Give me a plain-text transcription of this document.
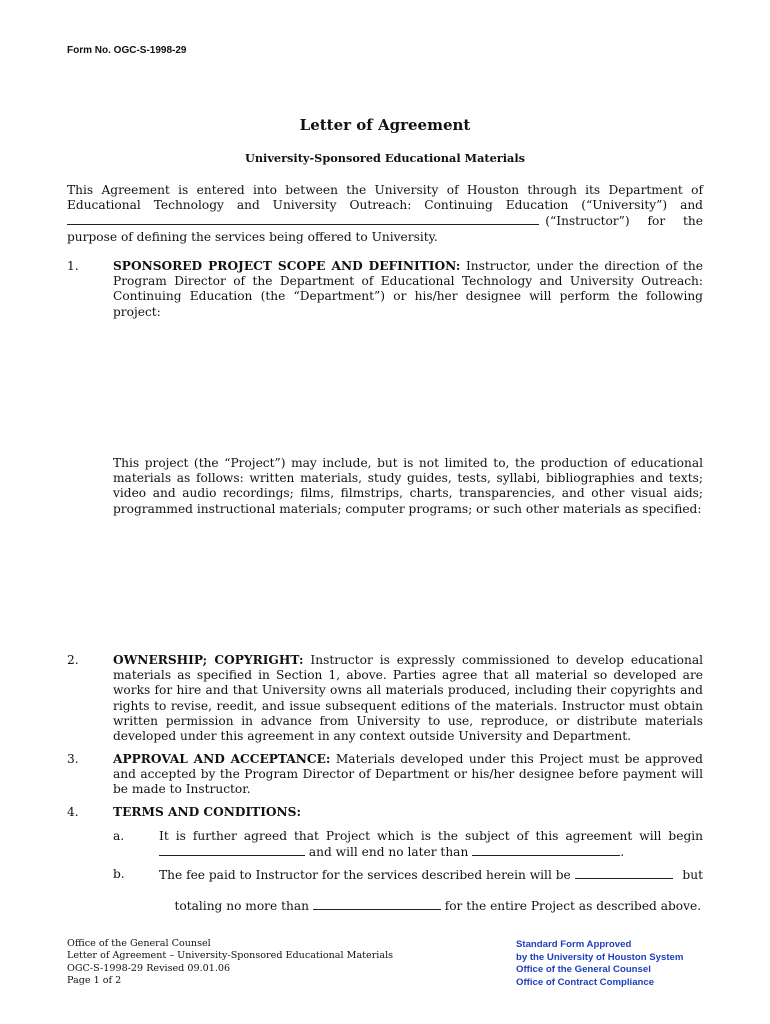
Form No. OGC-S-1998-29
Letter of Agreement
University-Sponsored Educational Materials
This Agreement is entered into between the University of Houston through its Department of
Educational Technology and University Outreach: Continuing Education (“University”) and
(“Instructor”) for the
purpose of defining the services being offered to University.
1.	SPONSORED PROJECT SCOPE AND DEFINITION: Instructor, under the direction of the Program Director of the Department of Educational Technology and University Outreach: Continuing Education (the “Department”) or his/her designee will perform the following project:
This project (the “Project”) may include, but is not limited to, the production of educational materials as follows: written materials, study guides, tests, syllabi, bibliographies and texts; video and audio recordings; films, filmstrips, charts, transparencies, and other visual aids; programmed instructional materials; computer programs; or such other materials as specified:
2.	OWNERSHIP; COPYRIGHT: Instructor is expressly commissioned to develop educational materials as specified in Section 1, above. Parties agree that all material so developed are works for hire and that University owns all materials produced, including their copyrights and rights to revise, reedit, and issue subsequent editions of the materials. Instructor must obtain written permission in advance from University to use, reproduce, or distribute materials developed under this agreement in any context outside University and Department.
3.	APPROVAL AND ACCEPTANCE: Materials developed under this Project must be approved and accepted by the Program Director of Department or his/her designee before payment will be made to Instructor.
4.	TERMS AND CONDITIONS:
a.	It is further agreed that Project which is the subject of this agreement will begin
and will end no later than	.
b.	The fee paid to Instructor for the services described herein will be	but

totaling no more than	for the entire Project as described above.

Office of the General Counsel
Letter of Agreement – University-Sponsored Educational Materials
OGC-S-1998-29 Revised 09.01.06
Page 1 of 2
Standard Form Approved
by the University of Houston System
Office of the General Counsel
Office of Contract Compliance
